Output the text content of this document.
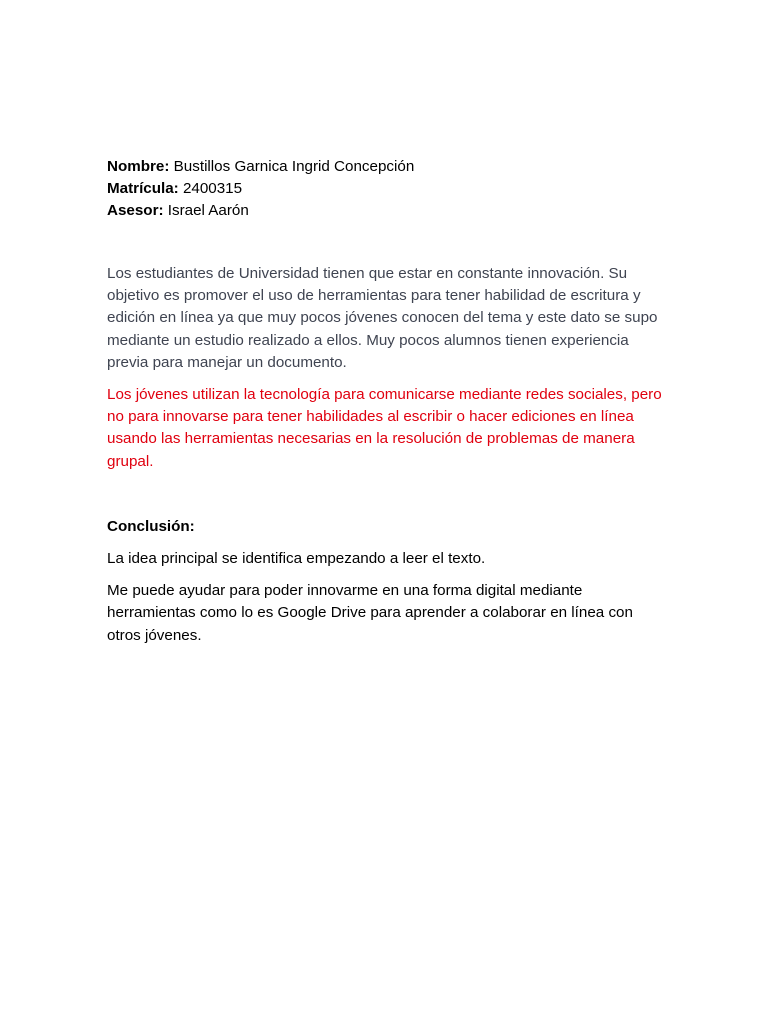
Nombre: Bustillos Garnica Ingrid Concepción

Matrícula: 2400315

Asesor: Israel Aarón

Los estudiantes de Universidad tienen que estar en constante innovación. Su objetivo es promover el uso de herramientas para tener habilidad de escritura y edición en línea ya que muy pocos jóvenes conocen del tema y este dato se supo mediante un estudio realizado a ellos. Muy pocos alumnos tienen experiencia previa para manejar un documento.

Los jóvenes utilizan la tecnología para comunicarse mediante redes sociales, pero no para innovarse para tener habilidades al escribir o hacer ediciones en línea usando las herramientas necesarias en la resolución de problemas de manera grupal.

Conclusión:

La idea principal se identifica empezando a leer el texto.

Me puede ayudar para poder innovarme en una forma digital mediante herramientas como lo es Google Drive para aprender a colaborar en línea con otros jóvenes.
